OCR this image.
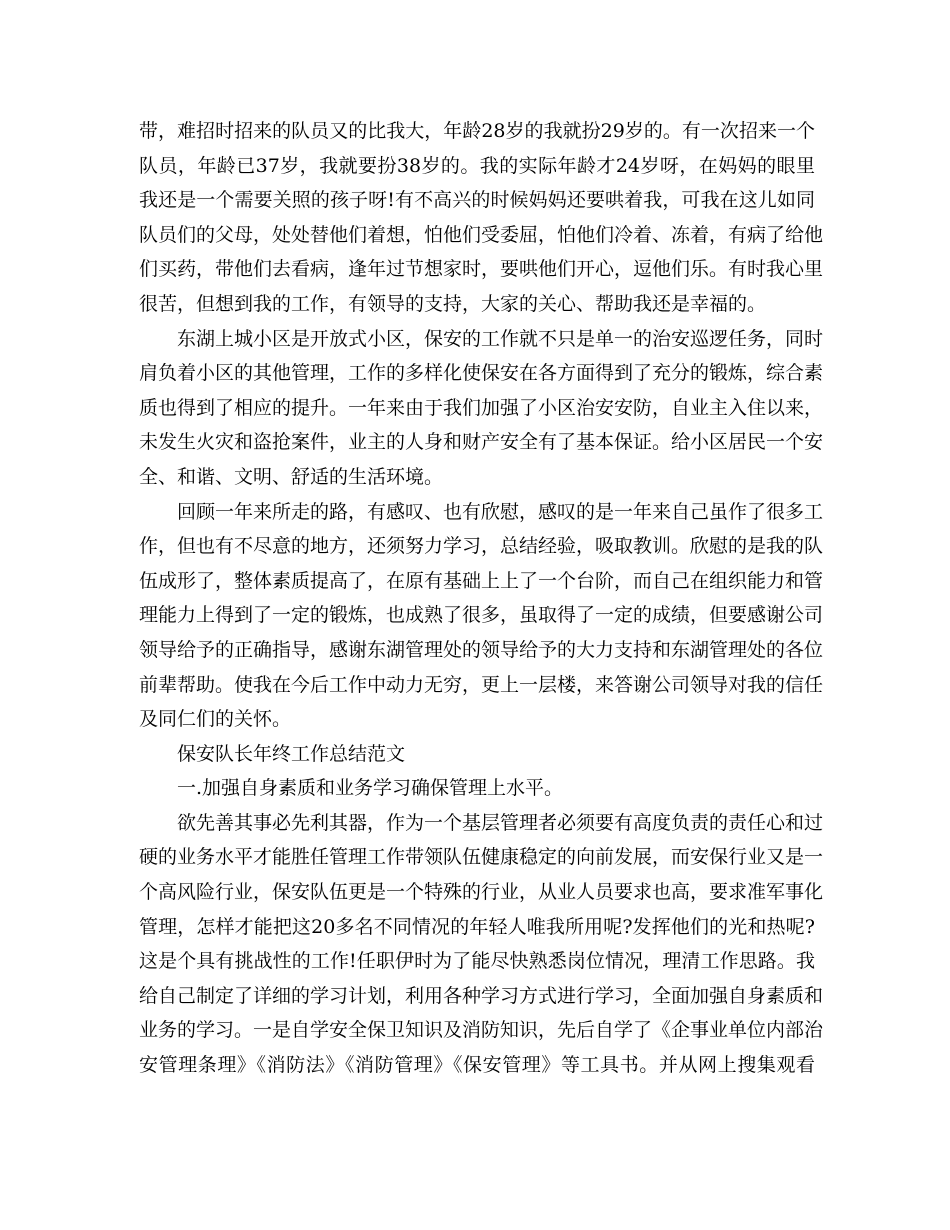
带，难招时招来的队员又的比我大，年龄28岁的我就扮29岁的。有一次招来一个
队员，年龄已37岁，我就要扮38岁的。我的实际年龄才24岁呀，在妈妈的眼里
我还是一个需要关照的孩子呀!有不高兴的时候妈妈还要哄着我，可我在这儿如同
队员们的父母，处处替他们着想，怕他们受委屈，怕他们冷着、冻着，有病了给他
们买药，带他们去看病，逢年过节想家时，要哄他们开心，逗他们乐。有时我心里
很苦，但想到我的工作，有领导的支持，大家的关心、帮助我还是幸福的。
东湖上城小区是开放式小区，保安的工作就不只是单一的治安巡逻任务，同时
肩负着小区的其他管理，工作的多样化使保安在各方面得到了充分的锻炼，综合素
质也得到了相应的提升。一年来由于我们加强了小区治安安防，自业主入住以来，
未发生火灾和盗抢案件，业主的人身和财产安全有了基本保证。给小区居民一个安
全、和谐、文明、舒适的生活环境。
回顾一年来所走的路，有感叹、也有欣慰，感叹的是一年来自己虽作了很多工
作，但也有不尽意的地方，还须努力学习，总结经验，吸取教训。欣慰的是我的队
伍成形了，整体素质提高了，在原有基础上上了一个台阶，而自己在组织能力和管
理能力上得到了一定的锻炼，也成熟了很多，虽取得了一定的成绩，但要感谢公司
领导给予的正确指导，感谢东湖管理处的领导给予的大力支持和东湖管理处的各位
前辈帮助。使我在今后工作中动力无穷，更上一层楼，来答谢公司领导对我的信任
及同仁们的关怀。
保安队长年终工作总结范文
一.加强自身素质和业务学习确保管理上水平。
欲先善其事必先利其器，作为一个基层管理者必须要有高度负责的责任心和过
硬的业务水平才能胜任管理工作带领队伍健康稳定的向前发展，而安保行业又是一
个高风险行业，保安队伍更是一个特殊的行业，从业人员要求也高，要求准军事化
管理，怎样才能把这20多名不同情况的年轻人唯我所用呢?发挥他们的光和热呢?
这是个具有挑战性的工作!任职伊时为了能尽快熟悉岗位情况，理清工作思路。我
给自己制定了详细的学习计划，利用各种学习方式进行学习，全面加强自身素质和
业务的学习。一是自学安全保卫知识及消防知识，先后自学了《企事业单位内部治
安管理条理》《消防法》《消防管理》《保安管理》等工具书。并从网上搜集观看
